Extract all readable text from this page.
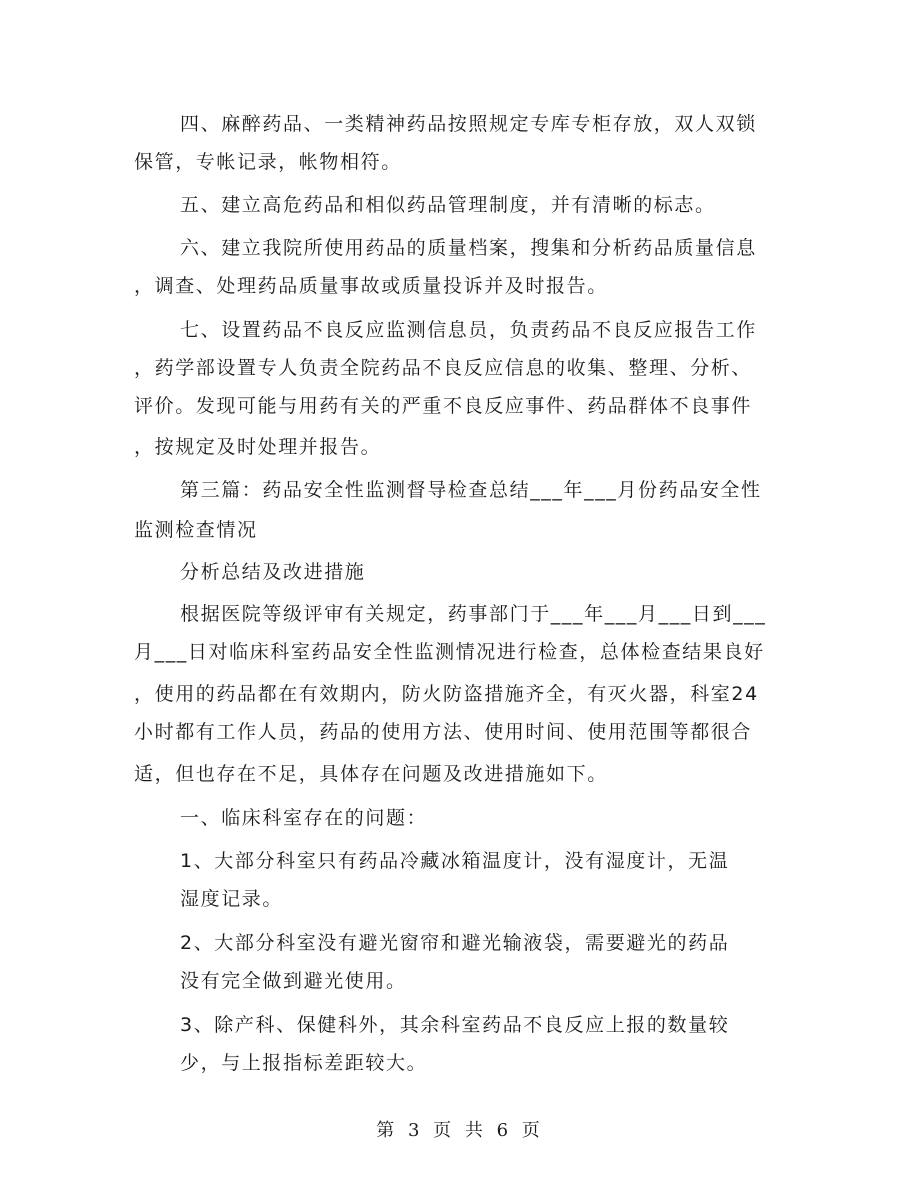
四、麻醉药品、一类精神药品按照规定专库专柜存放，双人双锁
保管，专帐记录，帐物相符。
五、建立高危药品和相似药品管理制度，并有清晰的标志。
六、建立我院所使用药品的质量档案，搜集和分析药品质量信息
，调查、处理药品质量事故或质量投诉并及时报告。
七、设置药品不良反应监测信息员，负责药品不良反应报告工作
，药学部设置专人负责全院药品不良反应信息的收集、整理、分析、
评价。发现可能与用药有关的严重不良反应事件、药品群体不良事件
，按规定及时处理并报告。
第三篇：药品安全性监测督导检查总结___年___月份药品安全性
监测检查情况
分析总结及改进措施
根据医院等级评审有关规定，药事部门于___年___月___日到___
月___日对临床科室药品安全性监测情况进行检查，总体检查结果良好
，使用的药品都在有效期内，防火防盗措施齐全，有灭火器，科室24
小时都有工作人员，药品的使用方法、使用时间、使用范围等都很合
适，但也存在不足，具体存在问题及改进措施如下。
一、临床科室存在的问题：
1、大部分科室只有药品冷藏冰箱温度计，没有湿度计，无温
湿度记录。
2、大部分科室没有避光窗帘和避光输液袋，需要避光的药品
没有完全做到避光使用。
3、除产科、保健科外，其余科室药品不良反应上报的数量较
少，与上报指标差距较大。
第 3 页 共 6 页
